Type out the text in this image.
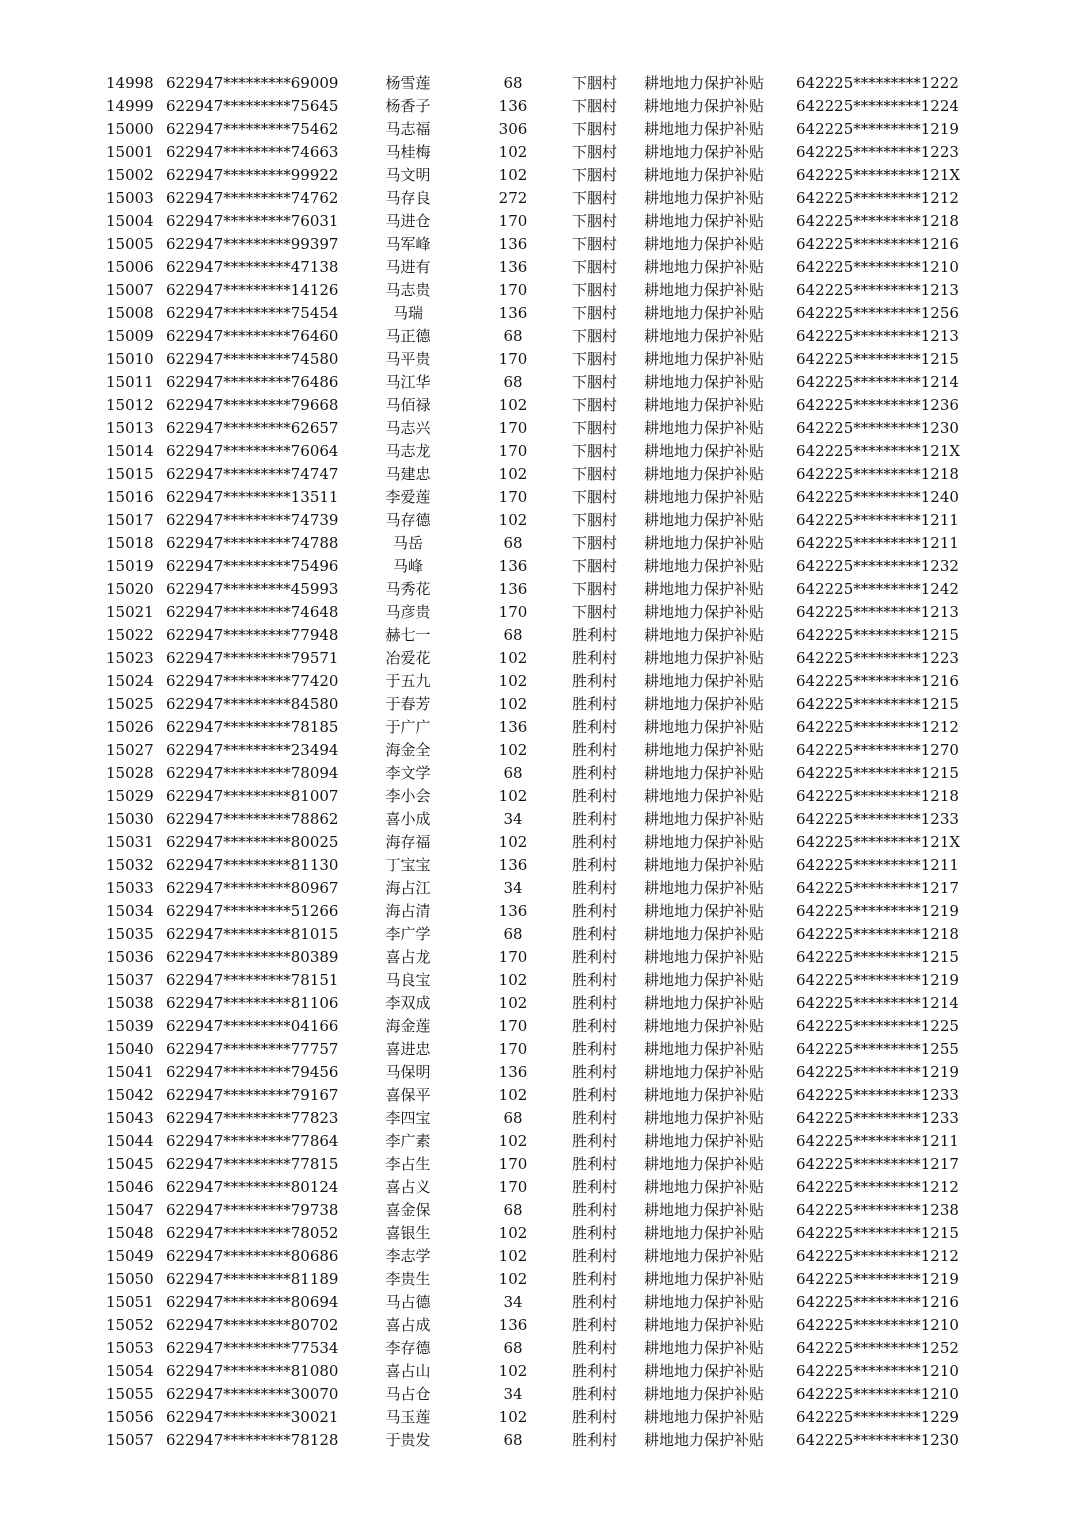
14998 622947*********69009	杨雪莲	68	下胭村 耕地地力保护补贴 642225*********1222
14999 622947*********75645	杨香子	136	下胭村 耕地地力保护补贴 642225*********1224
15000 622947*********75462	马志福	306	下胭村 耕地地力保护补贴 642225*********1219
15001 622947*********74663	马桂梅	102	下胭村 耕地地力保护补贴 642225*********1223
15002 622947*********99922	马文明	102	下胭村 耕地地力保护补贴 642225*********121X
15003 622947*********74762	马存良	272	下胭村 耕地地力保护补贴 642225*********1212
15004 622947*********76031	马进仓	170	下胭村 耕地地力保护补贴 642225*********1218
15005 622947*********99397	马军峰	136	下胭村 耕地地力保护补贴 642225*********1216
15006 622947*********47138	马进有	136	下胭村 耕地地力保护补贴 642225*********1210
15007 622947*********14126	马志贵	170	下胭村 耕地地力保护补贴 642225*********1213
15008 622947*********75454	马瑞	136	下胭村 耕地地力保护补贴 642225*********1256
15009 622947*********76460	马正德	68	下胭村 耕地地力保护补贴 642225*********1213
15010 622947*********74580	马平贵	170	下胭村 耕地地力保护补贴 642225*********1215
15011 622947*********76486	马江华	68	下胭村 耕地地力保护补贴 642225*********1214
15012 622947*********79668	马佰禄	102	下胭村 耕地地力保护补贴 642225*********1236
15013 622947*********62657	马志兴	170	下胭村 耕地地力保护补贴 642225*********1230
15014 622947*********76064	马志龙	170	下胭村 耕地地力保护补贴 642225*********121X
15015 622947*********74747	马建忠	102	下胭村 耕地地力保护补贴 642225*********1218
15016 622947*********13511	李爱莲	170	下胭村 耕地地力保护补贴 642225*********1240
15017 622947*********74739	马存德	102	下胭村 耕地地力保护补贴 642225*********1211
15018 622947*********74788	马岳	68	下胭村 耕地地力保护补贴 642225*********1211
15019 622947*********75496	马峰	136	下胭村 耕地地力保护补贴 642225*********1232
15020 622947*********45993	马秀花	136	下胭村 耕地地力保护补贴 642225*********1242
15021 622947*********74648	马彦贵	170	下胭村 耕地地力保护补贴 642225*********1213
15022 622947*********77948	赫七一	68	胜利村 耕地地力保护补贴 642225*********1215
15023 622947*********79571	冶爱花	102	胜利村 耕地地力保护补贴 642225*********1223
15024 622947*********77420	于五九	102	胜利村 耕地地力保护补贴 642225*********1216
15025 622947*********84580	于春芳	102	胜利村 耕地地力保护补贴 642225*********1215
15026 622947*********78185	于广广	136	胜利村 耕地地力保护补贴 642225*********1212
15027 622947*********23494	海金全	102	胜利村 耕地地力保护补贴 642225*********1270
15028 622947*********78094	李文学	68	胜利村 耕地地力保护补贴 642225*********1215
15029 622947*********81007	李小会	102	胜利村 耕地地力保护补贴 642225*********1218
15030 622947*********78862	喜小成	34	胜利村 耕地地力保护补贴 642225*********1233
15031 622947*********80025	海存福	102	胜利村 耕地地力保护补贴 642225*********121X
15032 622947*********81130	丁宝宝	136	胜利村 耕地地力保护补贴 642225*********1211
15033 622947*********80967	海占江	34	胜利村 耕地地力保护补贴 642225*********1217
15034 622947*********51266	海占清	136	胜利村 耕地地力保护补贴 642225*********1219
15035 622947*********81015	李广学	68	胜利村 耕地地力保护补贴 642225*********1218
15036 622947*********80389	喜占龙	170	胜利村 耕地地力保护补贴 642225*********1215
15037 622947*********78151	马良宝	102	胜利村 耕地地力保护补贴 642225*********1219
15038 622947*********81106	李双成	102	胜利村 耕地地力保护补贴 642225*********1214
15039 622947*********04166	海金莲	170	胜利村 耕地地力保护补贴 642225*********1225
15040 622947*********77757	喜进忠	170	胜利村 耕地地力保护补贴 642225*********1255
15041 622947*********79456	马保明	136	胜利村 耕地地力保护补贴 642225*********1219
15042 622947*********79167	喜保平	102	胜利村 耕地地力保护补贴 642225*********1233
15043 622947*********77823	李四宝	68	胜利村 耕地地力保护补贴 642225*********1233
15044 622947*********77864	李广素	102	胜利村 耕地地力保护补贴 642225*********1211
15045 622947*********77815	李占生	170	胜利村 耕地地力保护补贴 642225*********1217
15046 622947*********80124	喜占义	170	胜利村 耕地地力保护补贴 642225*********1212
15047 622947*********79738	喜金保	68	胜利村 耕地地力保护补贴 642225*********1238
15048 622947*********78052	喜银生	102	胜利村 耕地地力保护补贴 642225*********1215
15049 622947*********80686	李志学	102	胜利村 耕地地力保护补贴 642225*********1212
15050 622947*********81189	李贵生	102	胜利村 耕地地力保护补贴 642225*********1219
15051 622947*********80694	马占德	34	胜利村 耕地地力保护补贴 642225*********1216
15052 622947*********80702	喜占成	136	胜利村 耕地地力保护补贴 642225*********1210
15053 622947*********77534	李存德	68	胜利村 耕地地力保护补贴 642225*********1252
15054 622947*********81080	喜占山	102	胜利村 耕地地力保护补贴 642225*********1210
15055 622947*********30070	马占仓	34	胜利村 耕地地力保护补贴 642225*********1210
15056 622947*********30021	马玉莲	102	胜利村 耕地地力保护补贴 642225*********1229
15057 622947*********78128	于贵发	68	胜利村 耕地地力保护补贴 642225*********1230
